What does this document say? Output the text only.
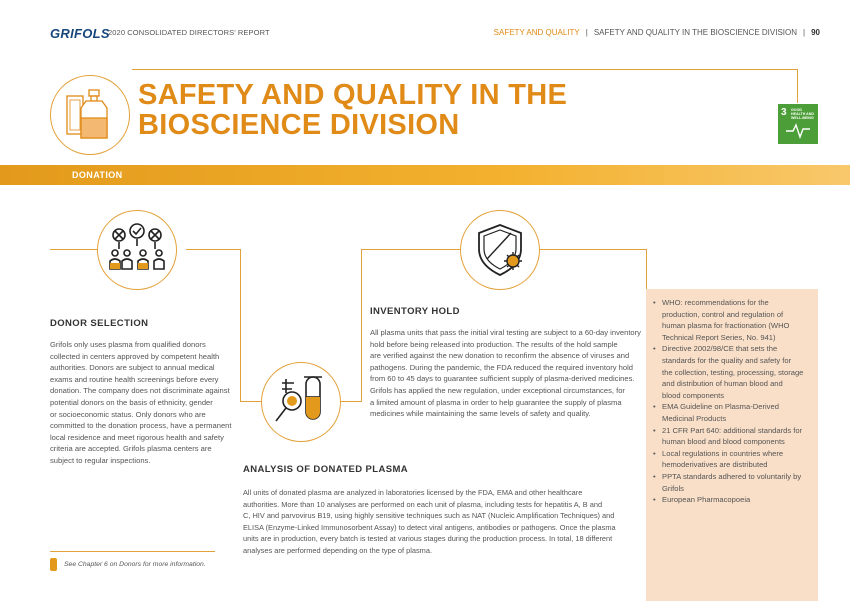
GRIFOLS
2020 CONSOLIDATED DIRECTORS' REPORT	SAFETY AND QUALITY | SAFETY AND QUALITY IN THE BIOSCIENCE DIVISION | 90
SAFETY AND QUALITY IN THE
BIOSCIENCE DIVISION	3 GOOD HEALTH AND WELL-BEING
DONATION
DONOR SELECTION
Grifols only uses plasma from qualified donors
collected in centers approved by competent health
authorities. Donors are subject to annual medical
exams and routine health screenings before every
donation. The company does not discriminate against
potential donors on the basis of ethnicity, gender
or socioeconomic status. Only donors who are
committed to the donation process, have a permanent
local residence and meet rigorous health and safety
criteria are accepted. Grifols plasma centers are
subject to regular inspections.
INVENTORY HOLD
All plasma units that pass the initial viral testing are subject to a 60-day inventory
hold before being released into production. The results of the hold sample
are verified against the new donation to reconfirm the absence of viruses and
pathogens. During the pandemic, the FDA reduced the required inventory hold
from 60 to 45 days to guarantee sufficient supply of plasma-derived medicines.
Grifols has applied the new regulation, under exceptional circumstances, for
a limited amount of plasma in order to help guarantee the supply of plasma
medicines while maintaining the same levels of safety and quality.
ANALYSIS OF DONATED PLASMA
All units of donated plasma are analyzed in laboratories licensed by the FDA, EMA and other healthcare
authorities. More than 10 analyses are performed on each unit of plasma, including tests for hepatitis A, B and
C, HIV and parvovirus B19, using highly sensitive techniques such as NAT (Nucleic Amplification Techniques) and
ELISA (Enzyme-Linked Immunosorbent Assay) to detect viral antigens, antibodies or pathogens. Once the plasma
units are in production, every batch is tested at various stages during the production process. In total, 18 different
analyses are performed depending on the type of plasma.
• WHO: recommendations for the
production, control and regulation of
human plasma for fractionation (WHO
Technical Report Series, No. 941)
• Directive 2002/98/CE that sets the
standards for the quality and safety for
the collection, testing, processing, storage
and distribution of human blood and
blood components
• EMA Guideline on Plasma-Derived
Medicinal Products
• 21 CFR Part 640: additional standards for
human blood and blood components
• Local regulations in countries where
hemoderivatives are distributed
• PPTA standards adhered to voluntarily by
Grifols
• European Pharmacopoeia
See Chapter 6 on Donors for more information.
